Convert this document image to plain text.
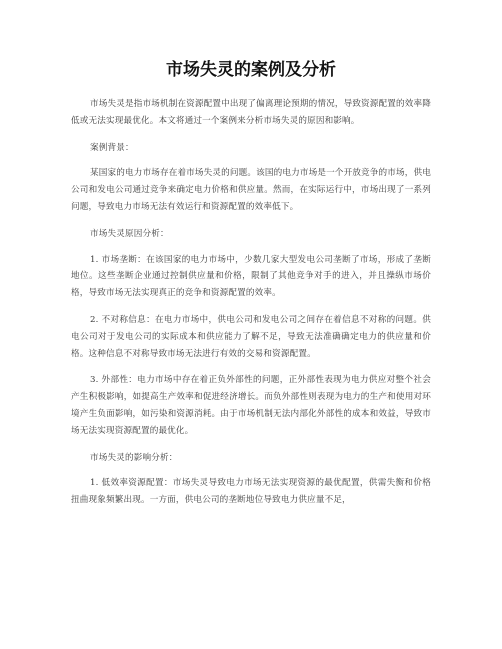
市场失灵的案例及分析

市场失灵是指市场机制在资源配置中出现了偏离理论预期的情况，导致资源配置的效率降低或无法实现最优化。本文将通过一个案例来分析市场失灵的原因和影响。

案例背景：

某国家的电力市场存在着市场失灵的问题。该国的电力市场是一个开放竞争的市场，供电公司和发电公司通过竞争来确定电力价格和供应量。然而，在实际运行中，市场出现了一系列问题，导致电力市场无法有效运行和资源配置的效率低下。

市场失灵原因分析：

1. 市场垄断：在该国家的电力市场中，少数几家大型发电公司垄断了市场，形成了垄断地位。这些垄断企业通过控制供应量和价格，限制了其他竞争对手的进入，并且操纵市场价格，导致市场无法实现真正的竞争和资源配置的效率。

2. 不对称信息：在电力市场中，供电公司和发电公司之间存在着信息不对称的问题。供电公司对于发电公司的实际成本和供应能力了解不足，导致无法准确确定电力的供应量和价格。这种信息不对称导致市场无法进行有效的交易和资源配置。

3. 外部性：电力市场中存在着正负外部性的问题，正外部性表现为电力供应对整个社会产生积极影响，如提高生产效率和促进经济增长。而负外部性则表现为电力的生产和使用对环境产生负面影响，如污染和资源消耗。由于市场机制无法内部化外部性的成本和效益，导致市场无法实现资源配置的最优化。

市场失灵的影响分析：

1. 低效率资源配置：市场失灵导致电力市场无法实现资源的最优配置，供需失衡和价格扭曲现象频繁出现。一方面，供电公司的垄断地位导致电力供应量不足，
